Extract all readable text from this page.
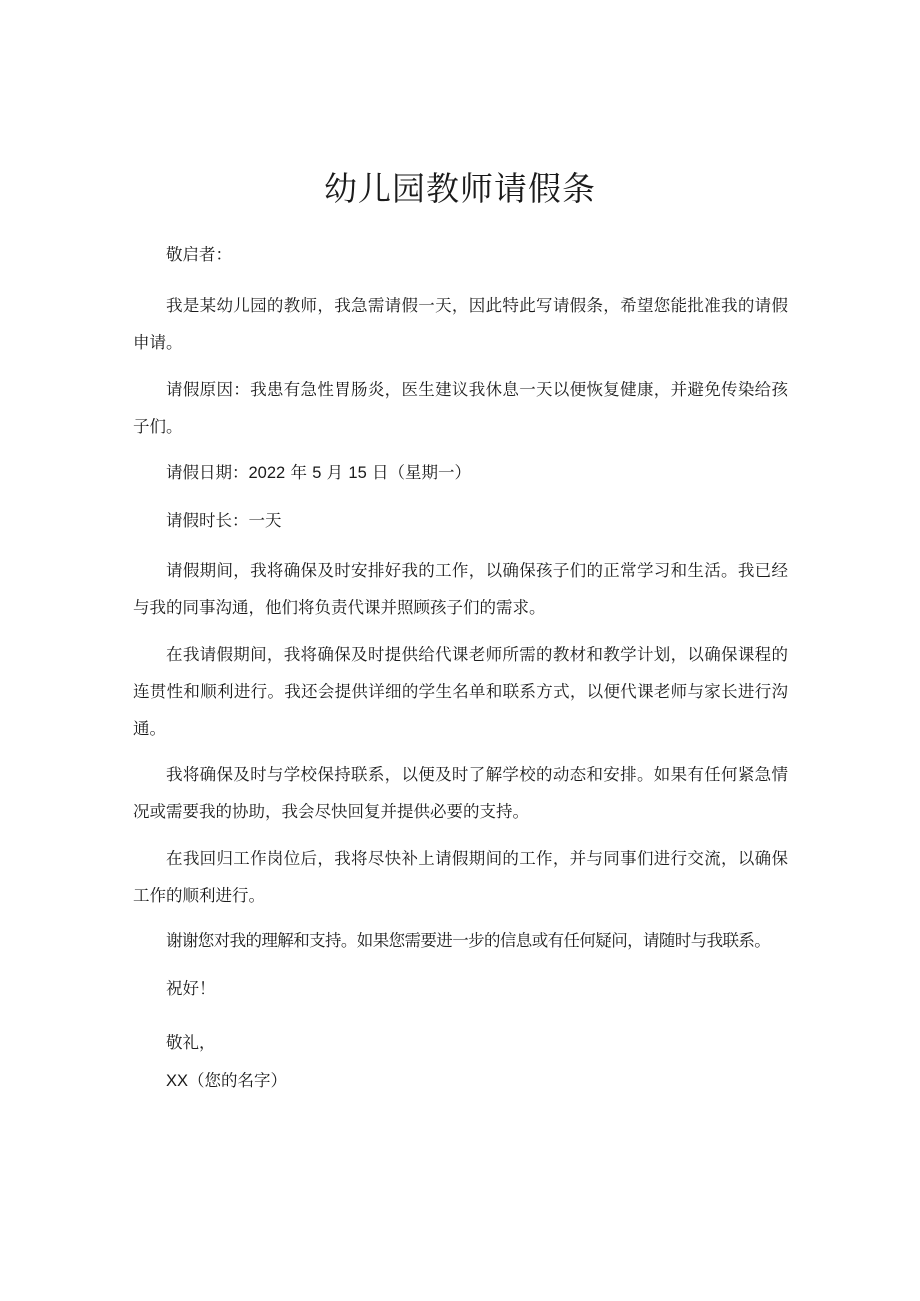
幼儿园教师请假条

敬启者：

我是某幼儿园的教师，我急需请假一天，因此特此写请假条，希望您能批准我的请假申请。

请假原因：我患有急性胃肠炎，医生建议我休息一天以便恢复健康，并避免传染给孩子们。

请假日期：2022 年 5 月 15 日（星期一）

请假时长：一天

请假期间，我将确保及时安排好我的工作，以确保孩子们的正常学习和生活。我已经与我的同事沟通，他们将负责代课并照顾孩子们的需求。

在我请假期间，我将确保及时提供给代课老师所需的教材和教学计划，以确保课程的连贯性和顺利进行。我还会提供详细的学生名单和联系方式，以便代课老师与家长进行沟通。

我将确保及时与学校保持联系，以便及时了解学校的动态和安排。如果有任何紧急情况或需要我的协助，我会尽快回复并提供必要的支持。

在我回归工作岗位后，我将尽快补上请假期间的工作，并与同事们进行交流，以确保工作的顺利进行。

谢谢您对我的理解和支持。如果您需要进一步的信息或有任何疑问，请随时与我联系。

祝好！

敬礼，

XX（您的名字）
